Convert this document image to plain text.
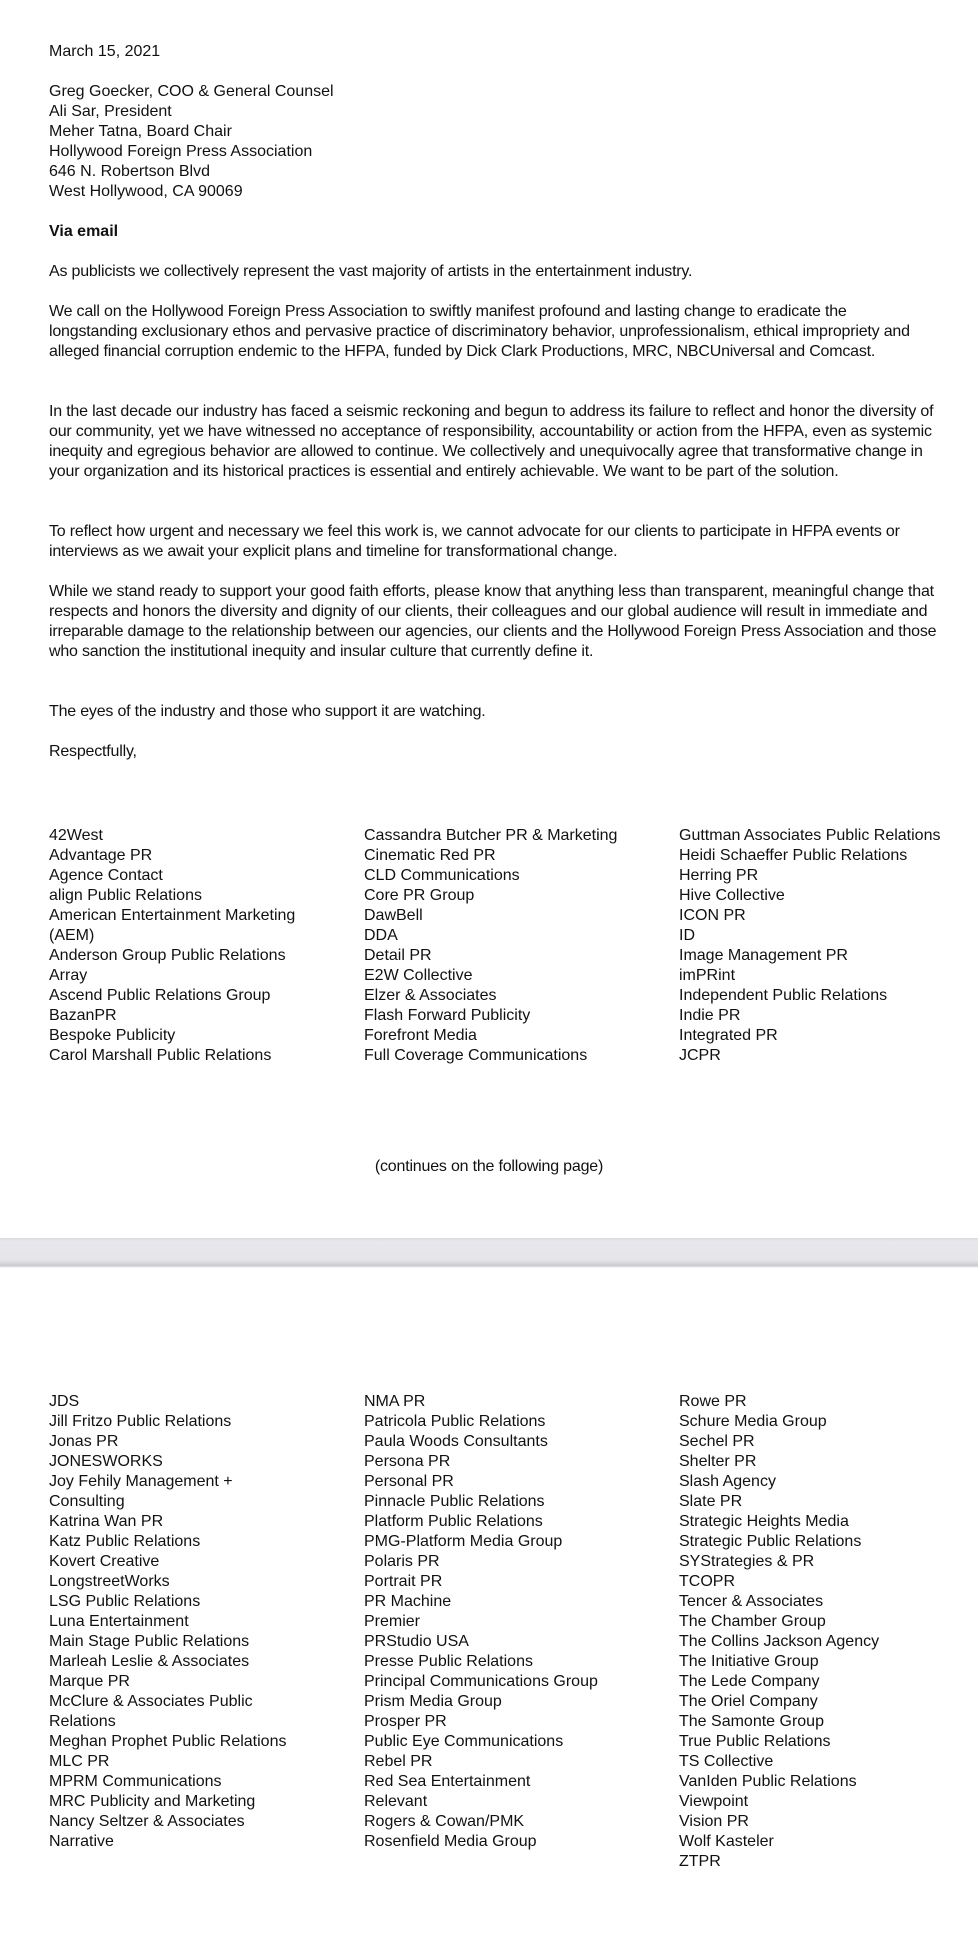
March 15, 2021
Greg Goecker, COO & General Counsel
Ali Sar, President
Meher Tatna, Board Chair
Hollywood Foreign Press Association
646 N. Robertson Blvd
West Hollywood, CA 90069
Via email
As publicists we collectively represent the vast majority of artists in the entertainment industry.
We call on the Hollywood Foreign Press Association to swiftly manifest profound and lasting change to eradicate the longstanding exclusionary ethos and pervasive practice of discriminatory behavior, unprofessionalism, ethical impropriety and alleged financial corruption endemic to the HFPA, funded by Dick Clark Productions, MRC, NBCUniversal and Comcast.
In the last decade our industry has faced a seismic reckoning and begun to address its failure to reflect and honor the diversity of our community, yet we have witnessed no acceptance of responsibility, accountability or action from the HFPA, even as systemic inequity and egregious behavior are allowed to continue. We collectively and unequivocally agree that transformative change in your organization and its historical practices is essential and entirely achievable. We want to be part of the solution.
To reflect how urgent and necessary we feel this work is, we cannot advocate for our clients to participate in HFPA events or interviews as we await your explicit plans and timeline for transformational change.
While we stand ready to support your good faith efforts, please know that anything less than transparent, meaningful change that respects and honors the diversity and dignity of our clients, their colleagues and our global audience will result in immediate and irreparable damage to the relationship between our agencies, our clients and the Hollywood Foreign Press Association and those who sanction the institutional inequity and insular culture that currently define it.
The eyes of the industry and those who support it are watching.
Respectfully,
42West
Advantage PR
Agence Contact
align Public Relations
American Entertainment Marketing (AEM)
Anderson Group Public Relations
Array
Ascend Public Relations Group
BazanPR
Bespoke Publicity
Carol Marshall Public Relations
Cassandra Butcher PR & Marketing
Cinematic Red PR
CLD Communications
Core PR Group
DawBell
DDA
Detail PR
E2W Collective
Elzer & Associates
Flash Forward Publicity
Forefront Media
Full Coverage Communications
Guttman Associates Public Relations
Heidi Schaeffer Public Relations
Herring PR
Hive Collective
ICON PR
ID
Image Management PR
imPRint
Independent Public Relations
Indie PR
Integrated PR
JCPR
(continues on the following page)
JDS
Jill Fritzo Public Relations
Jonas PR
JONESWORKS
Joy Fehily Management + Consulting
Katrina Wan PR
Katz Public Relations
Kovert Creative
LongstreetWorks
LSG Public Relations
Luna Entertainment
Main Stage Public Relations
Marleah Leslie & Associates
Marque PR
McClure & Associates Public Relations
Meghan Prophet Public Relations
MLC PR
MPRM Communications
MRC Publicity and Marketing
Nancy Seltzer & Associates
Narrative
NMA PR
Patricola Public Relations
Paula Woods Consultants
Persona PR
Personal PR
Pinnacle Public Relations
Platform Public Relations
PMG-Platform Media Group
Polaris PR
Portrait PR
PR Machine
Premier
PRStudio USA
Presse Public Relations
Principal Communications Group
Prism Media Group
Prosper PR
Public Eye Communications
Rebel PR
Red Sea Entertainment
Relevant
Rogers & Cowan/PMK
Rosenfield Media Group
Rowe PR
Schure Media Group
Sechel PR
Shelter PR
Slash Agency
Slate PR
Strategic Heights Media
Strategic Public Relations
SYStrategies & PR
TCOPR
Tencer & Associates
The Chamber Group
The Collins Jackson Agency
The Initiative Group
The Lede Company
The Oriel Company
The Samonte Group
True Public Relations
TS Collective
VanIden Public Relations
Viewpoint
Vision PR
Wolf Kasteler
ZTPR
